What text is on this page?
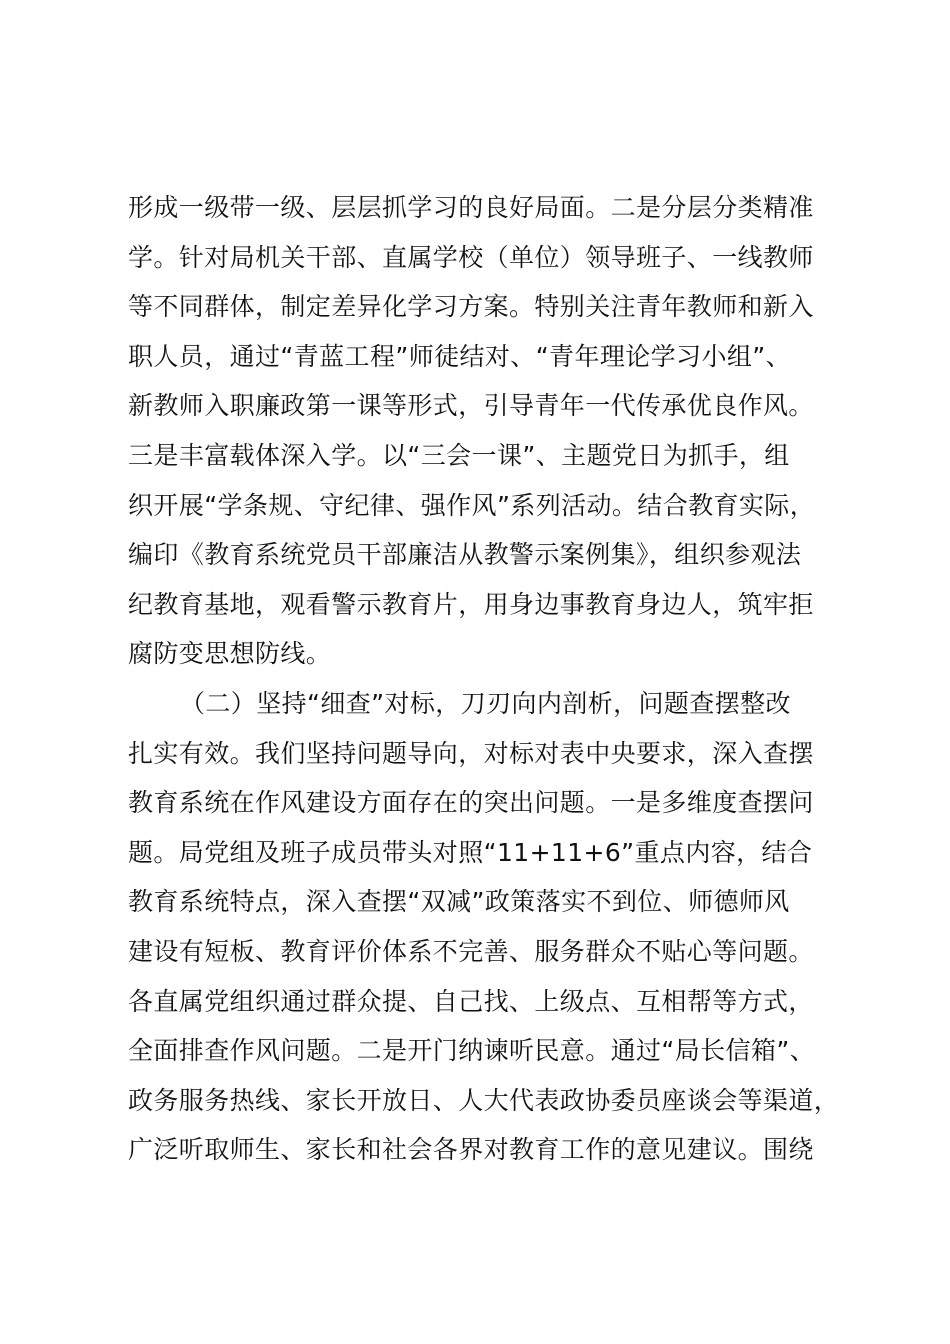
形成一级带一级、层层抓学习的良好局面。二是分层分类精准
学。针对局机关干部、直属学校（单位）领导班子、一线教师
等不同群体，制定差异化学习方案。特别关注青年教师和新入
职人员，通过“青蓝工程”师徒结对、“青年理论学习小组”、
新教师入职廉政第一课等形式，引导青年一代传承优良作风。
三是丰富载体深入学。以“三会一课”、主题党日为抓手，组
织开展“学条规、守纪律、强作风”系列活动。结合教育实际，
编印《教育系统党员干部廉洁从教警示案例集》，组织参观法
纪教育基地，观看警示教育片，用身边事教育身边人，筑牢拒
腐防变思想防线。
（二）坚持“细查”对标，刀刃向内剖析，问题查摆整改
扎实有效。我们坚持问题导向，对标对表中央要求，深入查摆
教育系统在作风建设方面存在的突出问题。一是多维度查摆问
题。局党组及班子成员带头对照“11+11+6”重点内容，结合
教育系统特点，深入查摆“双减”政策落实不到位、师德师风
建设有短板、教育评价体系不完善、服务群众不贴心等问题。
各直属党组织通过群众提、自己找、上级点、互相帮等方式，
全面排查作风问题。二是开门纳谏听民意。通过“局长信箱”、
政务服务热线、家长开放日、人大代表政协委员座谈会等渠道，
广泛听取师生、家长和社会各界对教育工作的意见建议。围绕
